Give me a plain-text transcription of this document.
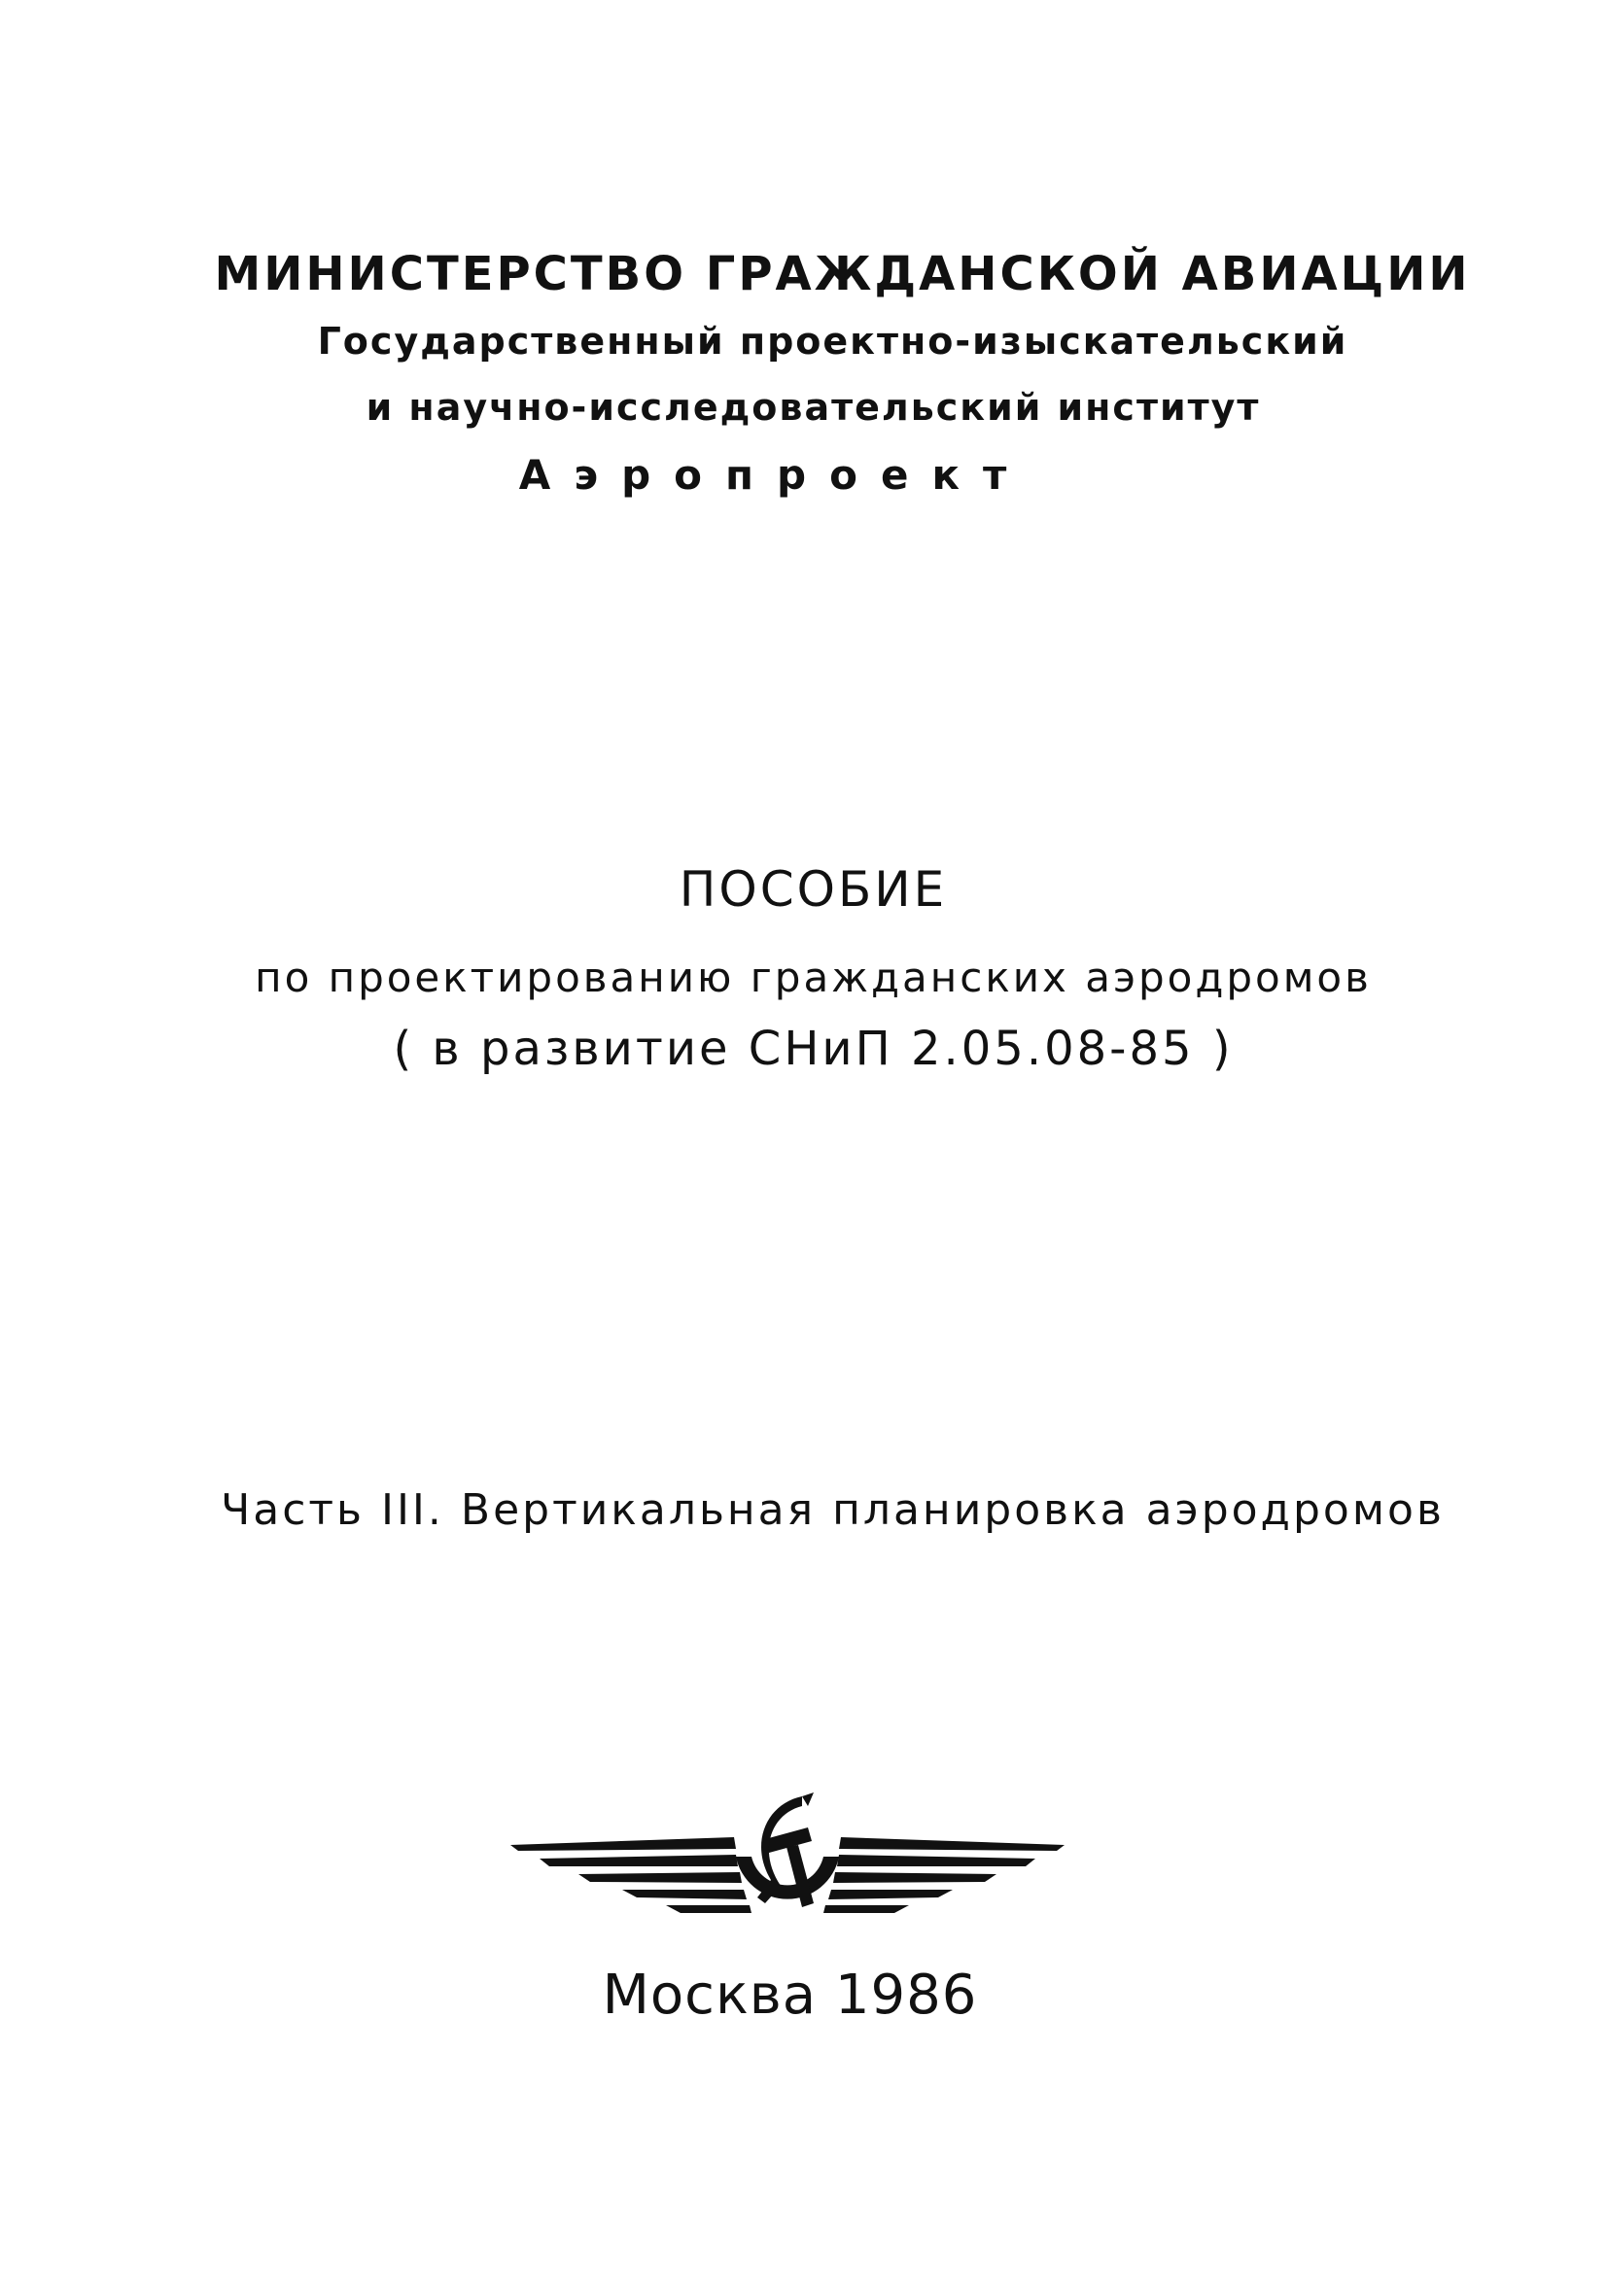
МИНИСТЕРСТВО ГРАЖДАНСКОЙ АВИАЦИИ
Государственный проектно-изыскательский
и научно-исследовательский институт
Аэропроект
ПОСОБИЕ
по проектированию гражданских аэродромов
( в развитие СНиП 2.05.08-85 )
Часть III. Вертикальная планировка аэродромов
Москва 1986
